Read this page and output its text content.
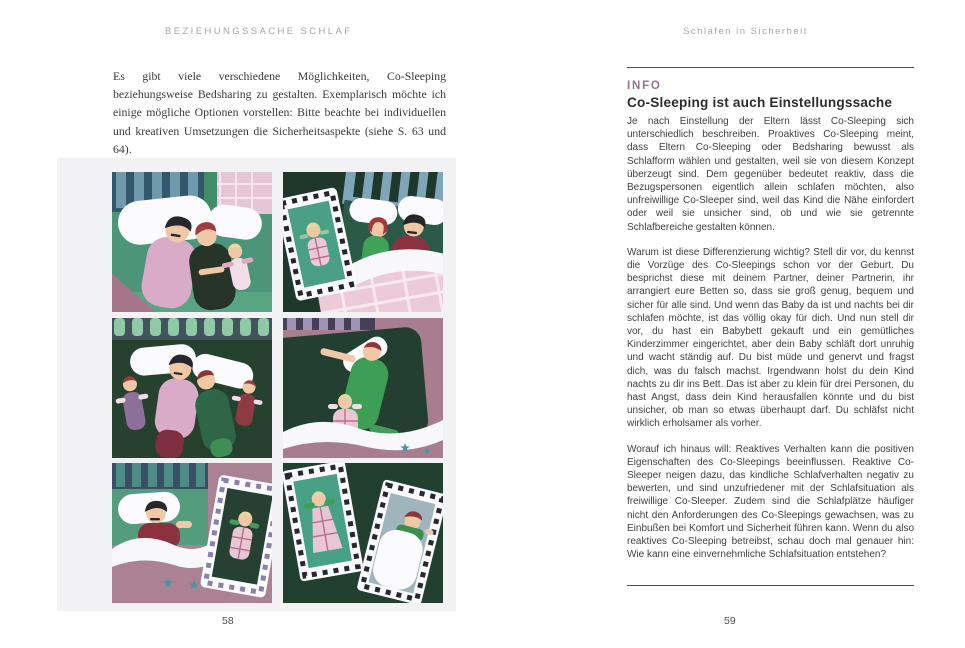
BEZIEHUNGSSACHE SCHLAF	Schlafen in Sicherheit
Es gibt viele verschiedene Möglichkeiten, Co-Sleeping beziehungsweise Bedsharing zu gestalten. Exemplarisch möchte ich einige mögliche Optionen vorstellen: Bitte beachte bei individuellen und kreativen Umsetzungen die Sicherheitsaspekte (siehe S. 63 und 64).
58
INFO
Co-Sleeping ist auch Einstellungssache

Je nach Einstellung der Eltern lässt Co-Sleeping sich unterschiedlich beschreiben. Proaktives Co-Sleeping meint, dass Eltern Co-Sleeping oder Bedsharing bewusst als Schlafform wählen und gestalten, weil sie von diesem Konzept überzeugt sind. Dem gegenüber bedeutet reaktiv, dass die Bezugspersonen eigentlich allein schlafen möchten, also unfreiwillige Co-Sleeper sind, weil das Kind die Nähe einfordert oder weil sie unsicher sind, ob und wie sie getrennte Schlafbereiche gestalten können.

Warum ist diese Differenzierung wichtig? Stell dir vor, du kennst die Vorzüge des Co-Sleepings schon vor der Geburt. Du besprichst diese mit deinem Partner, deiner Partnerin, ihr arrangiert eure Betten so, dass sie groß genug, bequem und sicher für alle sind. Und wenn das Baby da ist und nachts bei dir schlafen möchte, ist das völlig okay für dich. Und nun stell dir vor, du hast ein Babybett gekauft und ein gemütliches Kinderzimmer eingerichtet, aber dein Baby schläft dort unruhig und wacht ständig auf. Du bist müde und genervt und fragst dich, was du falsch machst. Irgendwann holst du dein Kind nachts zu dir ins Bett. Das ist aber zu klein für drei Personen, du hast Angst, dass dein Kind herausfallen könnte und du bist unsicher, ob man so etwas überhaupt darf. Du schläfst nicht wirklich erholsamer als vorher.

Worauf ich hinaus will: Reaktives Verhalten kann die positiven Eigenschaften des Co-Sleepings beeinflussen. Reaktive Co-Sleeper neigen dazu, das kindliche Schlafverhalten negativ zu bewerten, und sind unzufriedener mit der Schlafsituation als freiwillige Co-Sleeper. Zudem sind die Schlafplätze häufiger nicht den Anforderungen des Co-Sleepings gewachsen, was zu Einbußen bei Komfort und Sicherheit führen kann. Wenn du also reaktives Co-Sleeping betreibst, schau doch mal genauer hin: Wie kann eine einvernehmliche Schlafsituation entstehen?

59
